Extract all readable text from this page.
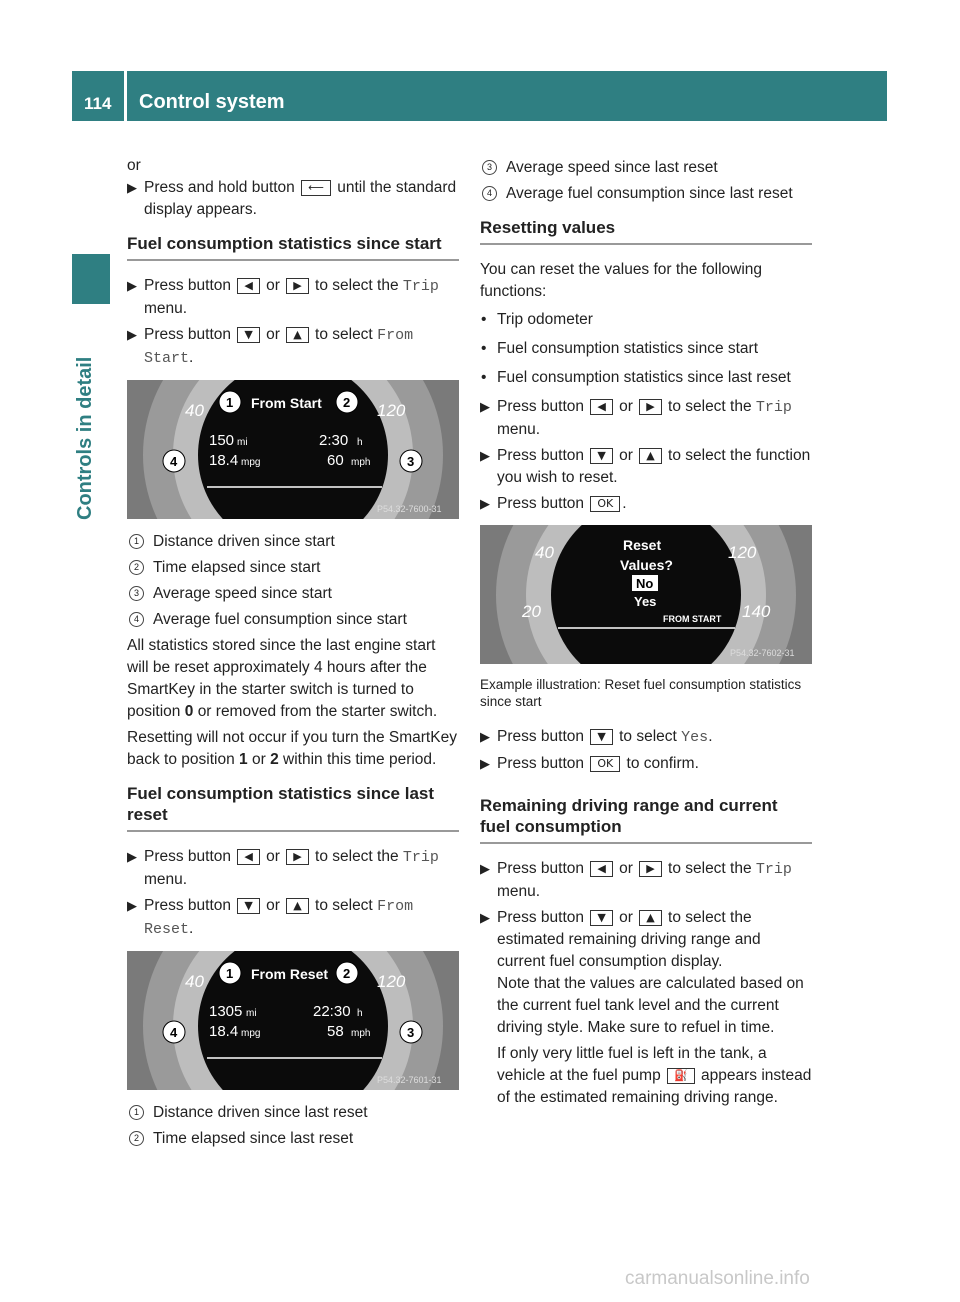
114 Control system
Controls in detail

or

▶ Press and hold button ⟵ until the standard display appears.
Fuel consumption statistics since start
▶ Press button ◀ or ▶ to select the Trip menu.
▶ Press button ▼ or ▲ to select From Start.
40	120
1	2
3
4
From Start
150 mi	2:30 h
18.4 mpg	60 mph
P54.32-7600-31
1 Distance driven since start
2 Time elapsed since start
3 Average speed since start
4 Average fuel consumption since start

All statistics stored since the last engine start will be reset approximately 4 hours after the SmartKey in the starter switch is turned to position 0 or removed from the starter switch.

Resetting will not occur if you turn the SmartKey back to position 1 or 2 within this time period.

Fuel consumption statistics since last reset
▶ Press button ◀ or ▶ to select the Trip menu.
▶ Press button ▼ or ▲ to select From Reset.
40	120
1	2
3
4
From Reset
1305 mi	22:30 h
18.4 mpg	58 mph
P54.32-7601-31
1 Distance driven since last reset
2 Time elapsed since last reset
3 Average speed since last reset
4 Average fuel consumption since last reset
Resetting values

You can reset the values for the following functions:

• Trip odometer
• Fuel consumption statistics since start
• Fuel consumption statistics since last reset
▶ Press button ◀ or ▶ to select the Trip menu.
▶ Press button ▼ or ▲ to select the function you wish to reset.
▶ Press button OK .
40	120
20	140
Reset
Values?
No
Yes
FROM START
P54.32-7602-31

Example illustration: Reset fuel consumption statistics since start

▶ Press button ▼ to select Yes.
▶ Press button OK to confirm.
Remaining driving range and current fuel consumption
▶ Press button ◀ or ▶ to select the Trip menu.
▶ Press button ▼ or ▲ to select the estimated remaining driving range and current fuel consumption display.

Note that the values are calculated based on the current fuel tank level and the current driving style. Make sure to refuel in time.

If only very little fuel is left in the tank, a vehicle at the fuel pump ⛽ appears instead of the estimated remaining driving range.

carmanualsonline.info
